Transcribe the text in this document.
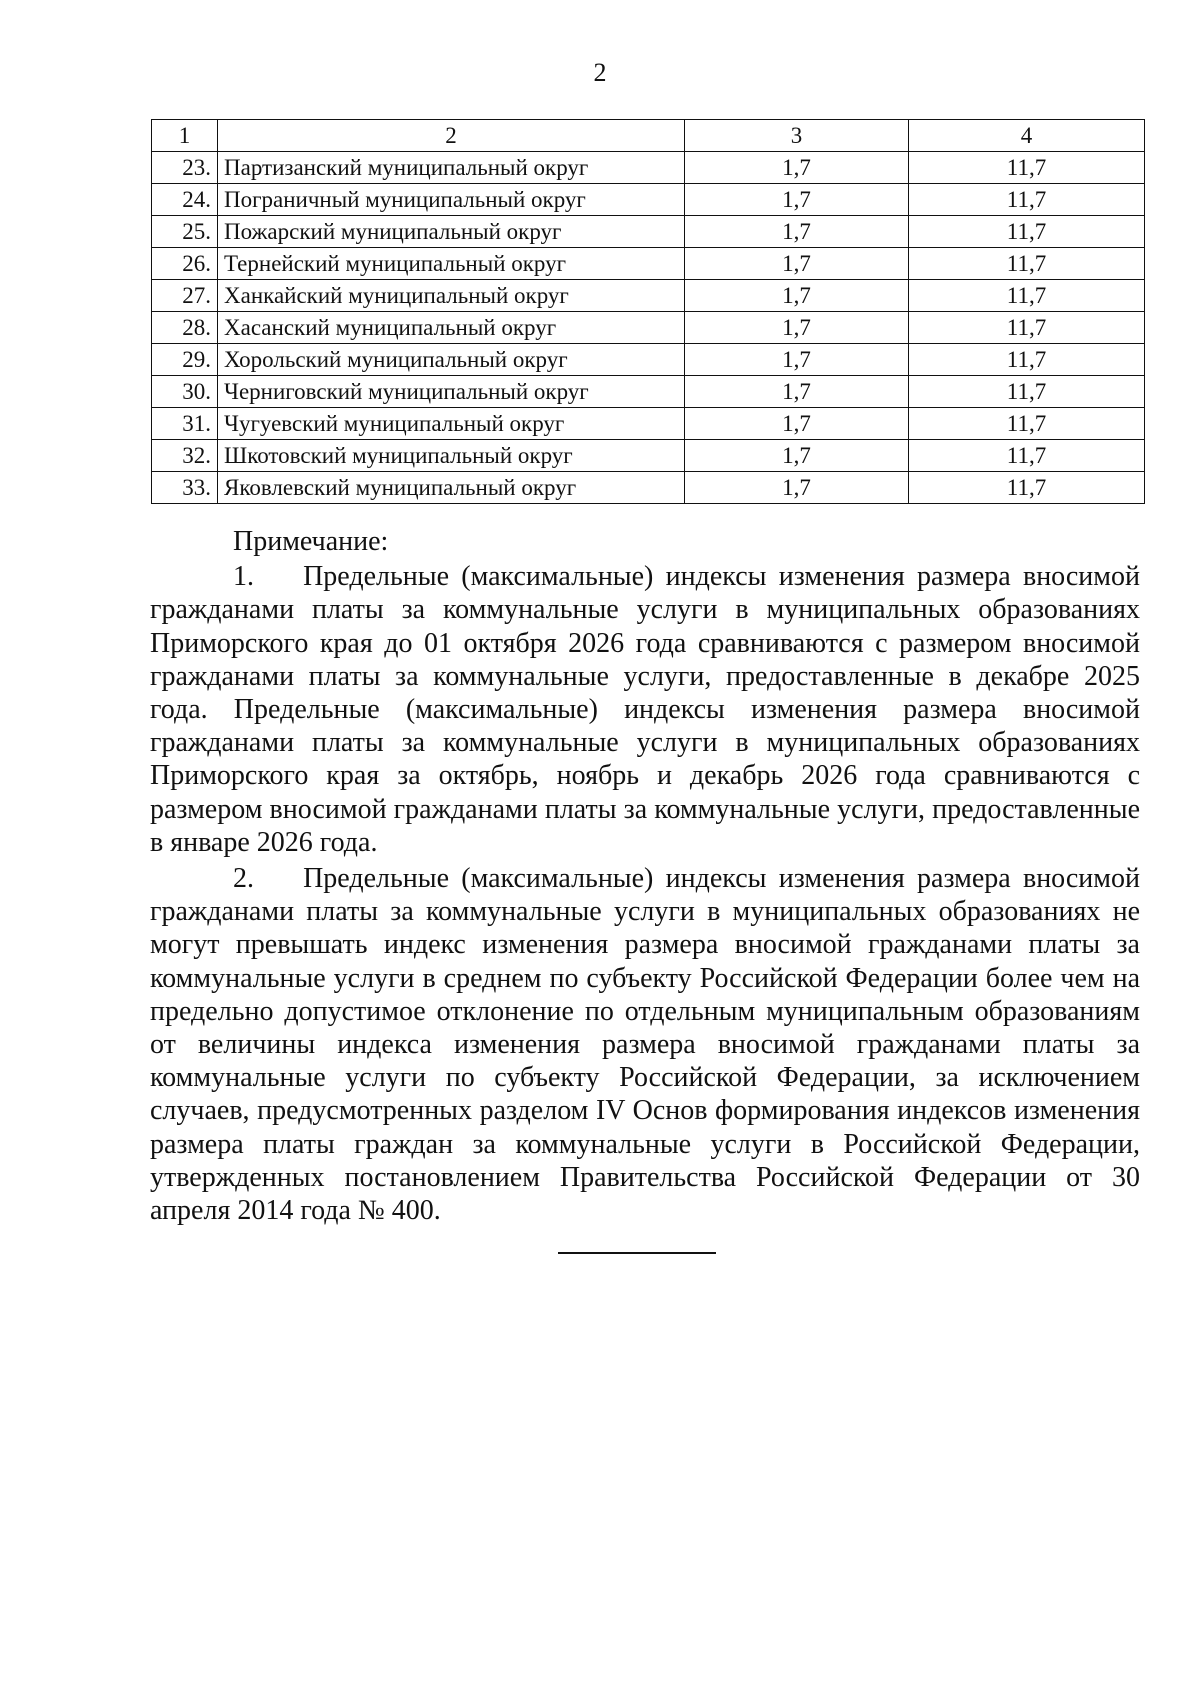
2
1	2	3	4
23.	Партизанский муниципальный округ	1,7	11,7
24.	Пограничный муниципальный округ	1,7	11,7
25.	Пожарский муниципальный округ	1,7	11,7
26.	Тернейский муниципальный округ	1,7	11,7
27.	Ханкайский муниципальный округ	1,7	11,7
28.	Хасанский муниципальный округ	1,7	11,7
29.	Хорольский муниципальный округ	1,7	11,7
30.	Черниговский муниципальный округ	1,7	11,7
31.	Чугуевский муниципальный округ	1,7	11,7
32.	Шкотовский муниципальный округ	1,7	11,7
33.	Яковлевский муниципальный округ	1,7	11,7
Примечание:

1.    Предельные (максимальные) индексы изменения размера вносимой гражданами платы за коммунальные услуги в муниципальных образованиях Приморского края до 01 октября 2026 года сравниваются с размером вносимой гражданами платы за коммунальные услуги, предоставленные в декабре 2025 года. Предельные (максимальные) индексы изменения размера вносимой гражданами платы за коммунальные услуги в муниципальных образованиях Приморского края за октябрь, ноябрь и декабрь 2026 года сравниваются с размером вносимой гражданами платы за коммунальные услуги, предоставленные в январе 2026 года.

2.    Предельные (максимальные) индексы изменения размера вносимой гражданами платы за коммунальные услуги в муниципальных образованиях не могут превышать индекс изменения размера вносимой гражданами платы за коммунальные услуги в среднем по субъекту Российской Федерации более чем на предельно допустимое отклонение по отдельным муниципальным образованиям от величины индекса изменения размера вносимой гражданами платы за коммунальные услуги по субъекту Российской Федерации, за исключением случаев, предусмотренных разделом IV Основ формирования индексов изменения размера платы граждан за коммунальные услуги в Российской Федерации, утвержденных постановлением Правительства Российской Федерации от 30 апреля 2014 года № 400.
